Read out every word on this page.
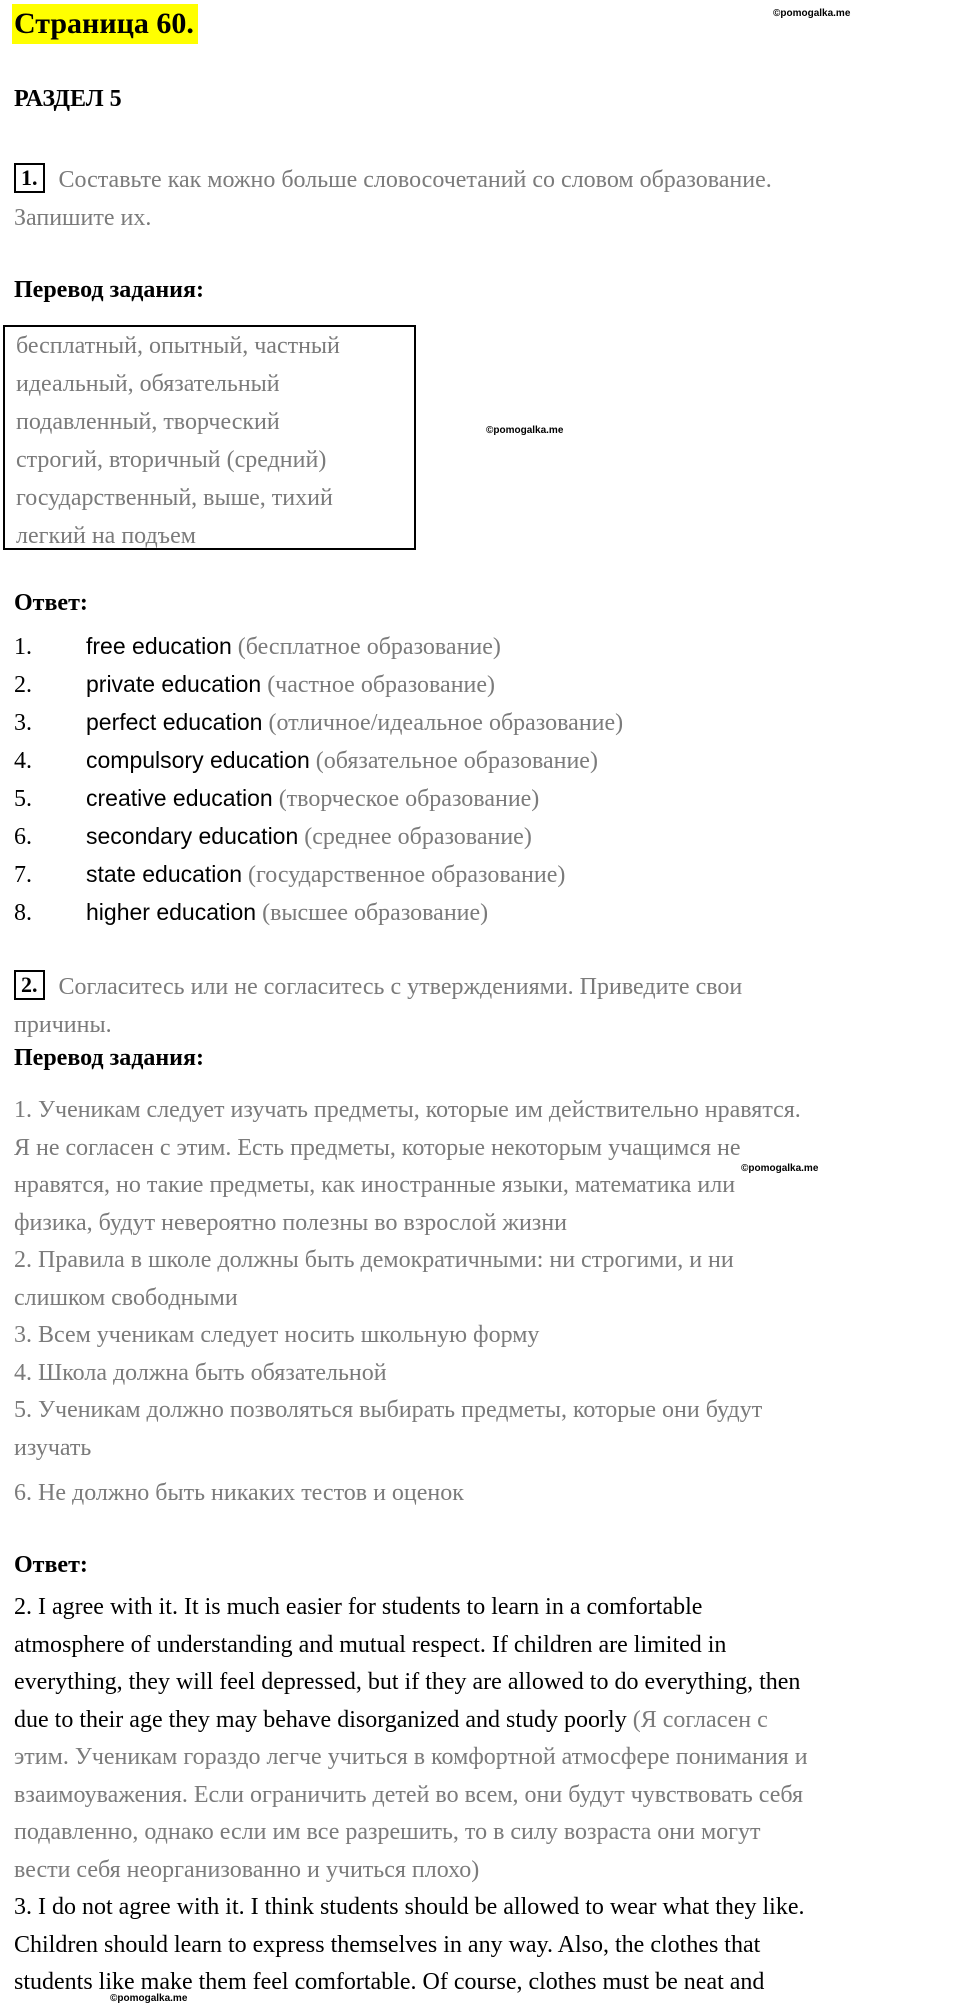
Страница 60.	©pomogalka.me
©pomogalka.me
©pomogalka.me
©pomogalka.me
РАЗДЕЛ 5
1. Составьте как можно больше словосочетаний со словом образование.
Запишите их.
Перевод задания:
бесплатный, опытный, частный
идеальный, обязательный
подавленный, творческий
строгий, вторичный (средний)
государственный, выше, тихий
легкий на подъем
Ответ:
1. free education (бесплатное образование)
2. private education (частное образование)
3. perfect education (отличное/идеальное образование)
4. compulsory education (обязательное образование)
5. creative education (творческое образование)
6. secondary education (среднее образование)
7. state education (государственное образование)
8. higher education (высшее образование)
2. Согласитесь или не согласитесь с утверждениями. Приведите свои
причины.
Перевод задания:
1. Ученикам следует изучать предметы, которые им действительно нравятся.
Я не согласен с этим. Есть предметы, которые некоторым учащимся не
нравятся, но такие предметы, как иностранные языки, математика или
физика, будут невероятно полезны во взрослой жизни
2. Правила в школе должны быть демократичными: ни строгими, и ни
слишком свободными
3. Всем ученикам следует носить школьную форму
4. Школа должна быть обязательной
5. Ученикам должно позволяться выбирать предметы, которые они будут
изучать
6. Не должно быть никаких тестов и оценок
Ответ:
2. I agree with it. It is much easier for students to learn in a comfortable
atmosphere of understanding and mutual respect. If children are limited in
everything, they will feel depressed, but if they are allowed to do everything, then
due to their age they may behave disorganized and study poorly (Я согласен с
этим. Ученикам гораздо легче учиться в комфортной атмосфере понимания и
взаимоуважения. Если ограничить детей во всем, они будут чувствовать себя
подавленно, однако если им все разрешить, то в силу возраста они могут
вести себя неорганизованно и учиться плохо)
3. I do not agree with it. I think students should be allowed to wear what they like.
Children should learn to express themselves in any way. Also, the clothes that
students like make them feel comfortable. Of course, clothes must be neat and
